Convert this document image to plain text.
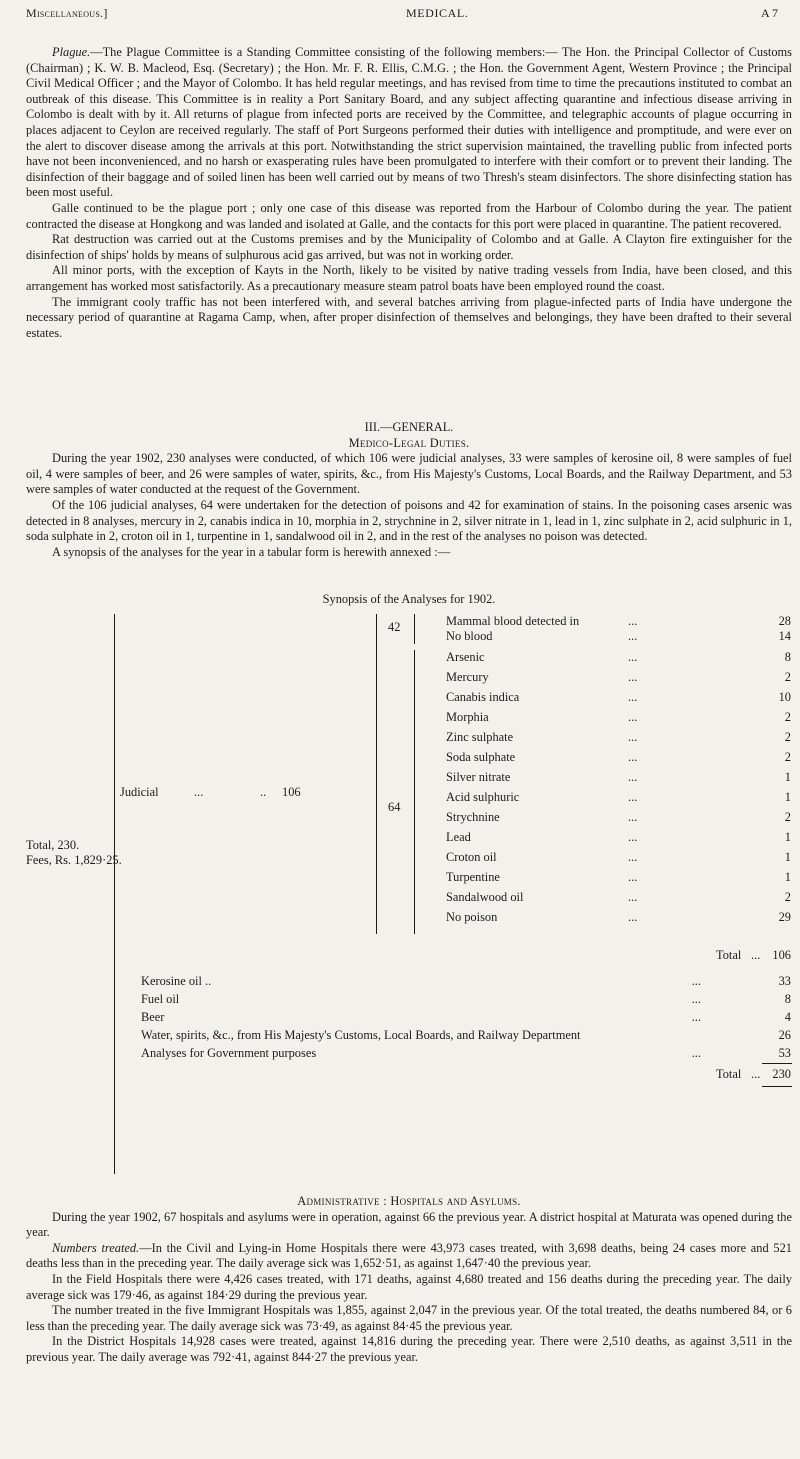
Miscellaneous.]	MEDICAL.	A 7

Plague.—The Plague Committee is a Standing Committee consisting of the following members:— The Hon. the Principal Collector of Customs (Chairman) ; K. W. B. Macleod, Esq. (Secretary) ; the Hon. Mr. F. R. Ellis, C.M.G. ; the Hon. the Government Agent, Western Province ; the Principal Civil Medical Officer ; and the Mayor of Colombo. It has held regular meetings, and has revised from time to time the precautions instituted to combat an outbreak of this disease. This Committee is in reality a Port Sanitary Board, and any subject affecting quarantine and infectious disease arriving in Colombo is dealt with by it. All returns of plague from infected ports are received by the Committee, and telegraphic accounts of plague occurring in places adjacent to Ceylon are received regularly. The staff of Port Surgeons performed their duties with intelligence and promptitude, and were ever on the alert to discover disease among the arrivals at this port. Notwithstanding the strict supervision maintained, the travelling public from infected ports have not been inconvenienced, and no harsh or exasperating rules have been promulgated to interfere with their comfort or to prevent their landing. The disinfection of their baggage and of soiled linen has been well carried out by means of two Thresh's steam disinfectors. The shore disinfecting station has been most useful.

Galle continued to be the plague port ; only one case of this disease was reported from the Harbour of Colombo during the year. The patient contracted the disease at Hongkong and was landed and isolated at Galle, and the contacts for this port were placed in quarantine. The patient recovered.

Rat destruction was carried out at the Customs premises and by the Municipality of Colombo and at Galle. A Clayton fire extinguisher for the disinfection of ships' holds by means of sulphurous acid gas arrived, but was not in working order.

All minor ports, with the exception of Kayts in the North, likely to be visited by native trading vessels from India, have been closed, and this arrangement has worked most satisfactorily. As a precautionary measure steam patrol boats have been employed round the coast.

The immigrant cooly traffic has not been interfered with, and several batches arriving from plague-infected parts of India have undergone the necessary period of quarantine at Ragama Camp, when, after proper disinfection of themselves and belongings, they have been drafted to their several estates.

III.—GENERAL.

Medico-Legal Duties.

During the year 1902, 230 analyses were conducted, of which 106 were judicial analyses, 33 were samples of kerosine oil, 8 were samples of fuel oil, 4 were samples of beer, and 26 were samples of water, spirits, &c., from His Majesty's Customs, Local Boards, and the Railway Department, and 53 were samples of water conducted at the request of the Government.

Of the 106 judicial analyses, 64 were undertaken for the detection of poisons and 42 for examination of stains. In the poisoning cases arsenic was detected in 8 analyses, mercury in 2, canabis indica in 10, morphia in 2, strychnine in 2, silver nitrate in 1, lead in 1, zinc sulphate in 2, acid sulphuric in 1, soda sulphate in 2, croton oil in 1, turpentine in 1, sandalwood oil in 2, and in the rest of the analyses no poison was detected.

A synopsis of the analyses for the year in a tabular form is herewith annexed :—

Synopsis of the Analyses for 1902.
Total, 230.
Fees, Rs. 1,829·25.
Judicial	...	.. 106
42
64
Mammal blood detected in	...	28
No blood	...	14
Arsenic	...	8
Mercury	...	2
Canabis indica	...	10
Morphia	...	2
Zinc sulphate	...	2
Soda sulphate	...	2
Silver nitrate	...	1
Acid sulphuric	...	1
Strychnine	...	2
Lead	...	1
Croton oil	...	1
Turpentine	...	1
Sandalwood oil	...	2
No poison	...	29
Total ... 106
Kerosine oil ..	...	33
Fuel oil	...	8
Beer	...	4
Water, spirits, &c., from His Majesty's Customs, Local Boards, and Railway Department	26
Analyses for Government purposes	...	53
Total ... 230

Administrative : Hospitals and Asylums.

During the year 1902, 67 hospitals and asylums were in operation, against 66 the previous year. A district hospital at Maturata was opened during the year.

Numbers treated.—In the Civil and Lying-in Home Hospitals there were 43,973 cases treated, with 3,698 deaths, being 24 cases more and 521 deaths less than in the preceding year. The daily average sick was 1,652·51, as against 1,647·40 the previous year.

In the Field Hospitals there were 4,426 cases treated, with 171 deaths, against 4,680 treated and 156 deaths during the preceding year. The daily average sick was 179·46, as against 184·29 during the previous year.

The number treated in the five Immigrant Hospitals was 1,855, against 2,047 in the previous year. Of the total treated, the deaths numbered 84, or 6 less than the preceding year. The daily average sick was 73·49, as against 84·45 the previous year.

In the District Hospitals 14,928 cases were treated, against 14,816 during the preceding year. There were 2,510 deaths, as against 3,511 in the previous year. The daily average was 792·41, against 844·27 the previous year.
